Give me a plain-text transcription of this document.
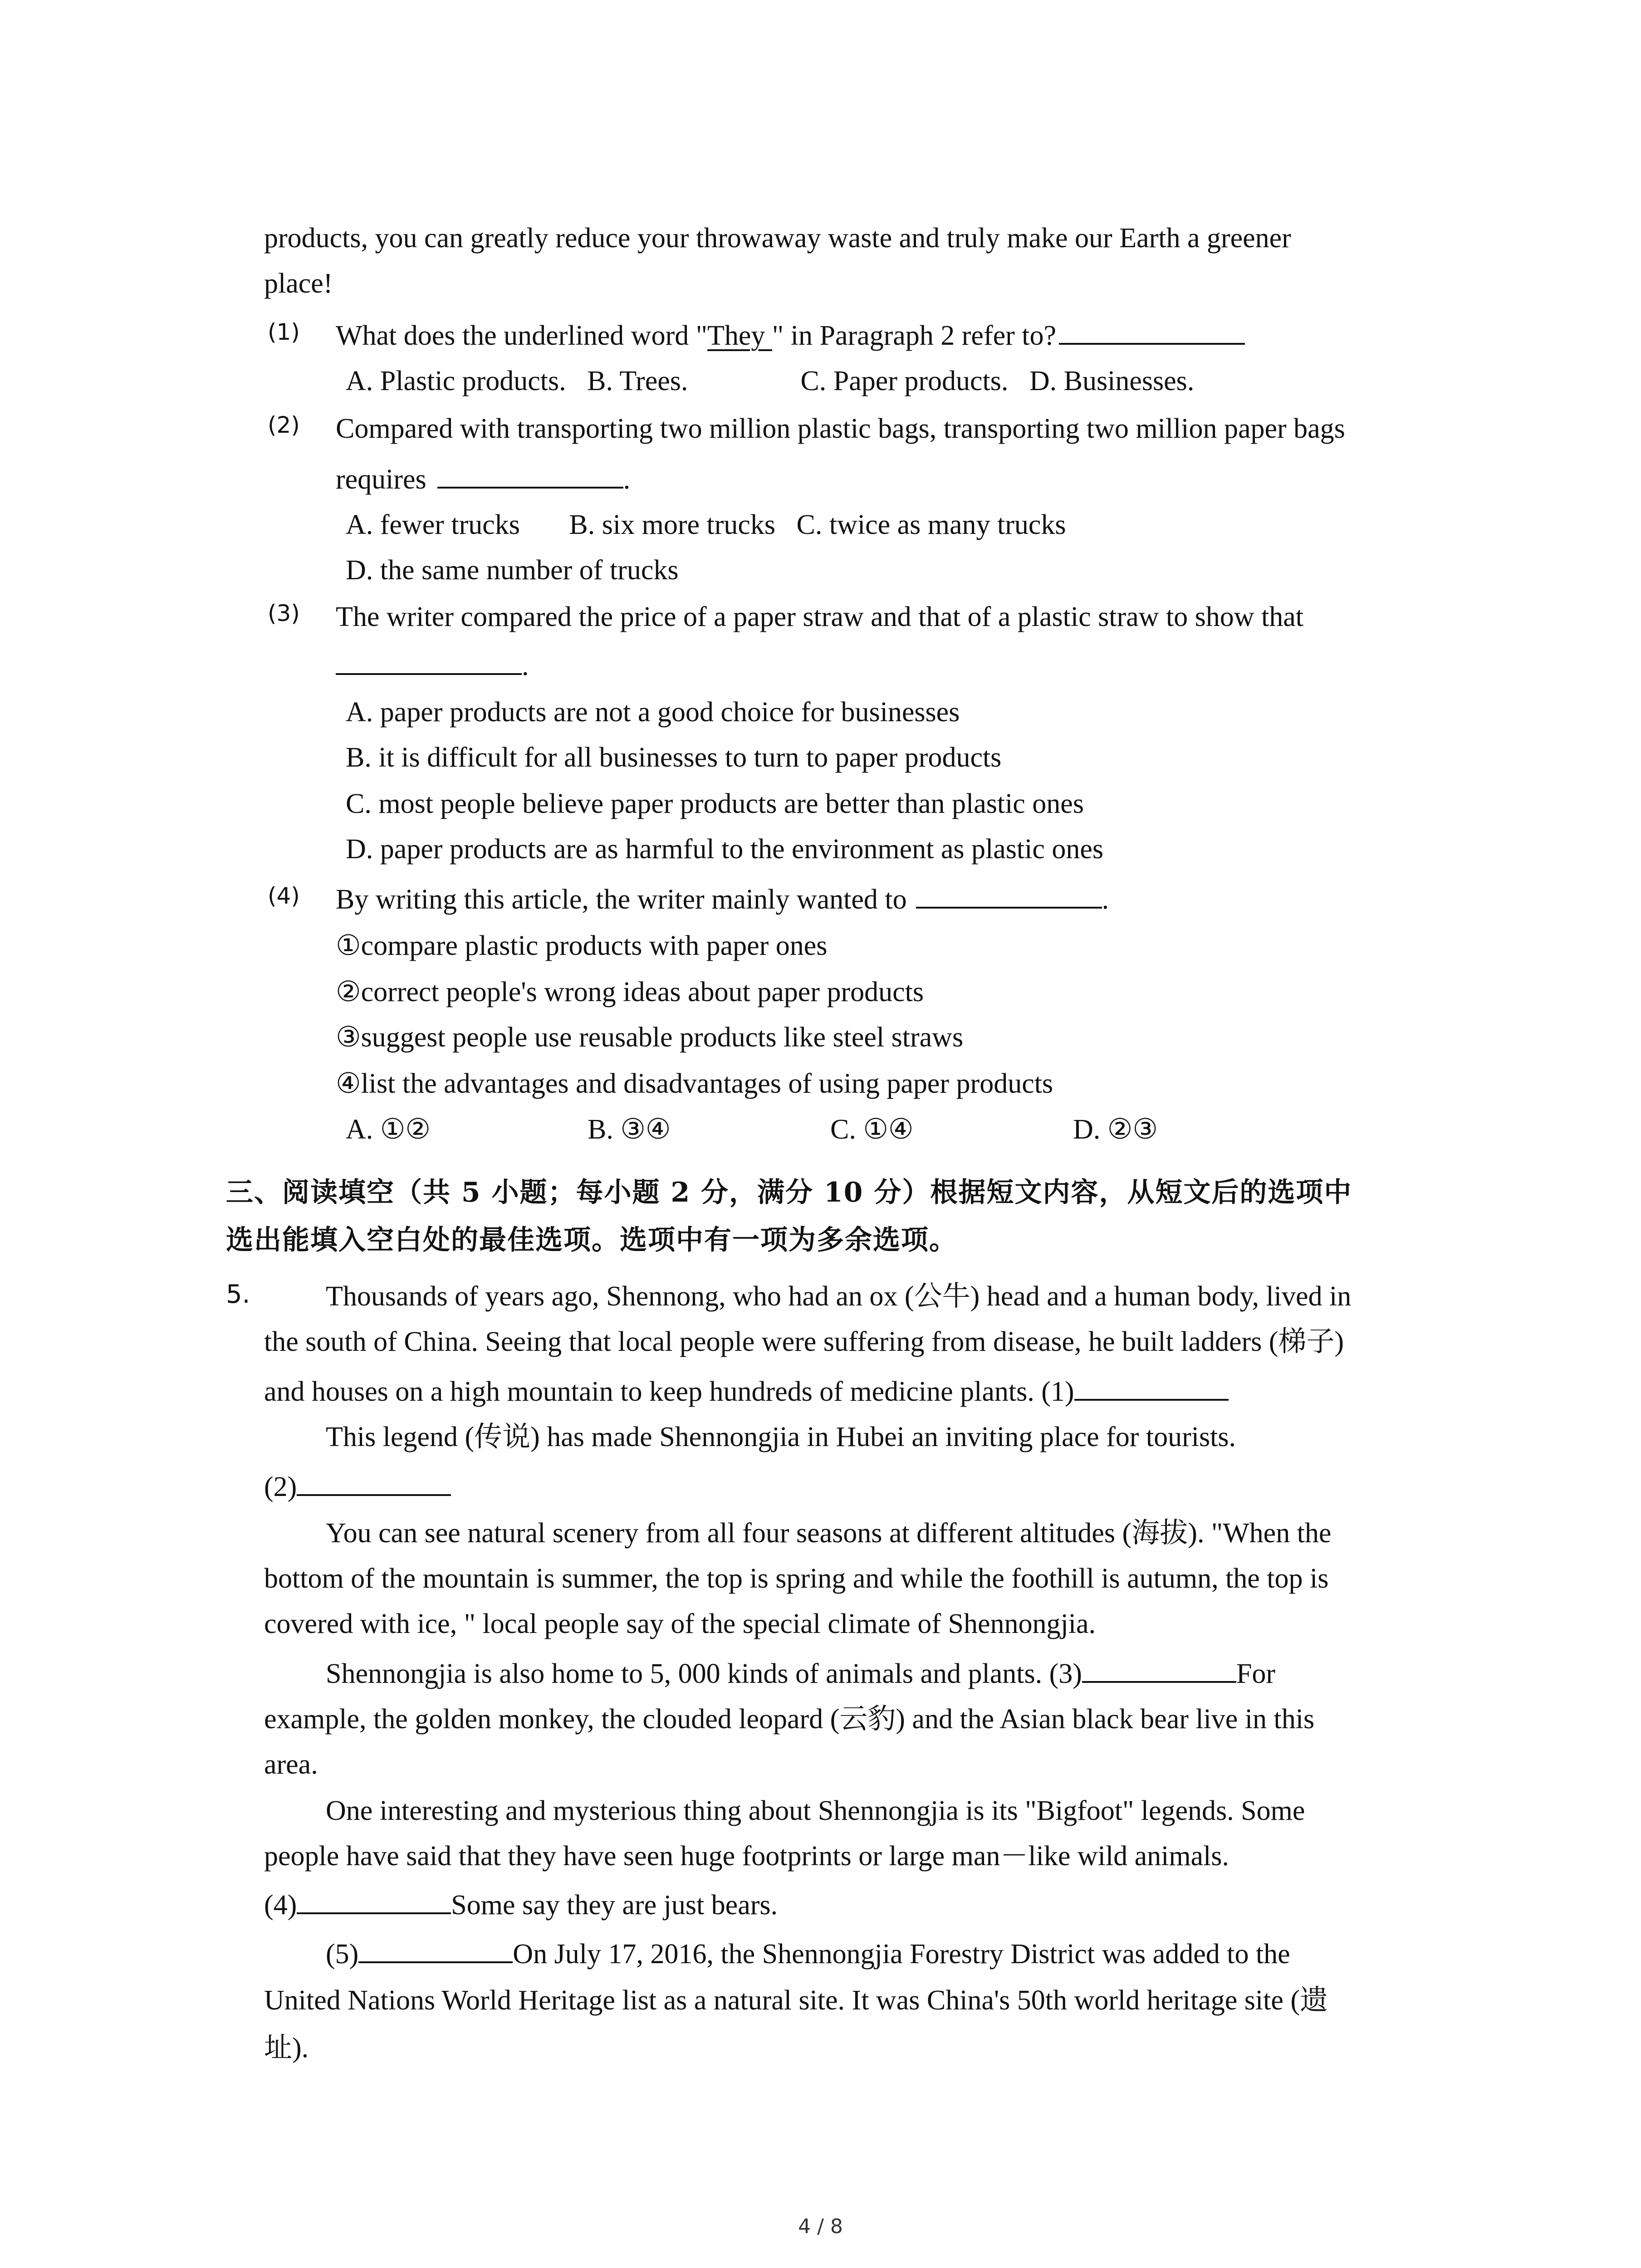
products, you can greatly reduce your throwaway waste and truly make our Earth a greener
place!
(1) What does the underlined word "They " in Paragraph 2 refer to?
A. Plastic products.   B. Trees.                C. Paper products.   D. Businesses.
(2) Compared with transporting two million plastic bags, transporting two million paper bags
requires	.
A. fewer trucks       B. six more trucks   C. twice as many trucks
D. the same number of trucks
(3) The writer compared the price of a paper straw and that of a plastic straw to show that
.
A. paper products are not a good choice for businesses
B. it is difficult for all businesses to turn to paper products
C. most people believe paper products are better than plastic ones
D. paper products are as harmful to the environment as plastic ones
(4) By writing this article, the writer mainly wanted to	.
①compare plastic products with paper ones
②correct people's wrong ideas about paper products
③suggest people use reusable products like steel straws
④list the advantages and disadvantages of using paper products
A. ①②	B. ③④	C. ①④	D. ②③
三、阅读填空（共 5 小题；每小题 2 分，满分 10 分）根据短文内容，从短文后的选项中
选出能填入空白处的最佳选项。选项中有一项为多余选项。
5.	Thousands of years ago, Shennong, who had an ox (公牛) head and a human body, lived in
the south of China. Seeing that local people were suffering from disease, he built ladders (梯子)
and houses on a high mountain to keep hundreds of medicine plants. (1)
This legend (传说) has made Shennongjia in Hubei an inviting place for tourists.
(2)
You can see natural scenery from all four seasons at different altitudes (海拔). "When the
bottom of the mountain is summer, the top is spring and while the foothill is autumn, the top is
covered with ice, " local people say of the special climate of Shennongjia.
Shennongjia is also home to 5, 000 kinds of animals and plants. (3)	For
example, the golden monkey, the clouded leopard (云豹) and the Asian black bear live in this
area.
One interesting and mysterious thing about Shennongjia is its "Bigfoot" legends. Some
people have said that they have seen huge footprints or large man－like wild animals.
(4)	Some say they are just bears.
(5)	On July 17, 2016, the Shennongjia Forestry District was added to the
United Nations World Heritage list as a natural site. It was China's 50th world heritage site (遗
址).
4 / 8
